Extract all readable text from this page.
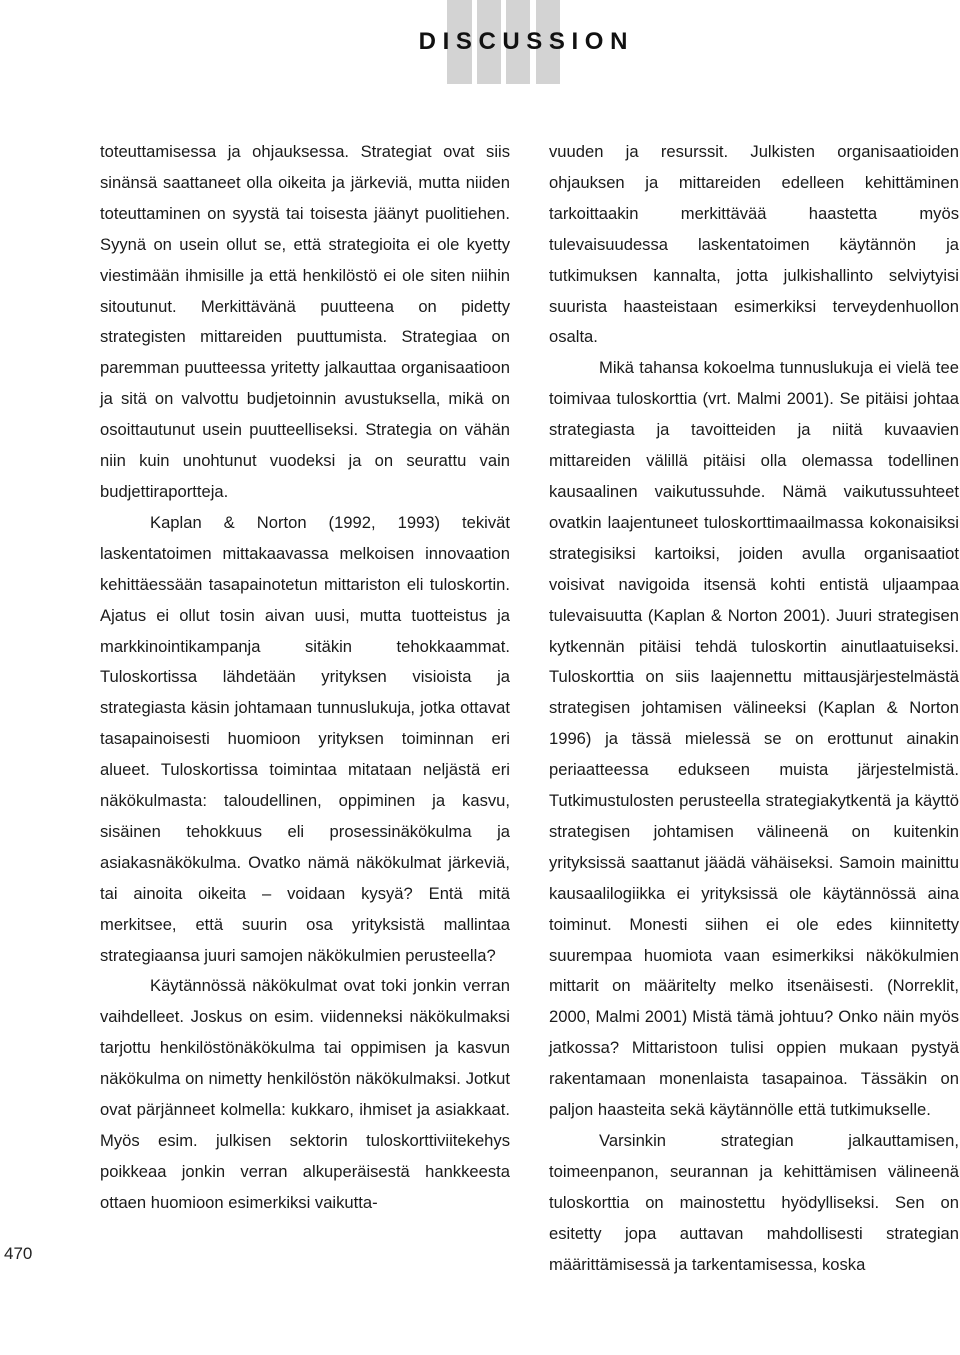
DISCUSSION

toteuttamisessa ja ohjauksessa. Strategiat ovat siis sinänsä saattaneet olla oikeita ja järkeviä, mutta niiden toteuttaminen on syystä tai toisesta jäänyt puolitiehen. Syynä on usein ollut se, että strategioita ei ole kyetty viestimään ihmisille ja että henkilöstö ei ole siten niihin sitoutunut. Merkittävänä puutteena on pidetty strategisten mittareiden puuttumista. Strategiaa on paremman puutteessa yritetty jalkauttaa organisaatioon ja sitä on valvottu budjetoinnin avustuksella, mikä on osoittautunut usein puutteelliseksi. Strategia on vähän niin kuin unohtunut vuodeksi ja on seurattu vain budjettiraportteja.

Kaplan & Norton (1992, 1993) tekivät laskentatoimen mittakaavassa melkoisen innovaation kehittäessään tasapainotetun mittariston eli tuloskortin. Ajatus ei ollut tosin aivan uusi, mutta tuotteistus ja markkinointikampanja sitäkin tehokkaammat. Tuloskortissa lähdetään yrityksen visioista ja strategiasta käsin johtamaan tunnuslukuja, jotka ottavat tasapainoisesti huomioon yrityksen toiminnan eri alueet. Tuloskortissa toimintaa mitataan neljästä eri näkökulmasta: taloudellinen, oppiminen ja kasvu, sisäinen tehokkuus eli prosessinäkökulma ja asiakasnäkökulma. Ovatko nämä näkökulmat järkeviä, tai ainoita oikeita – voidaan kysyä? Entä mitä merkitsee, että suurin osa yrityksistä mallintaa strategiaansa juuri samojen näkökulmien perusteella?

Käytännössä näkökulmat ovat toki jonkin verran vaihdelleet. Joskus on esim. viidenneksi näkökulmaksi tarjottu henkilöstönäkökulma tai oppimisen ja kasvun näkökulma on nimetty henkilöstön näkökulmaksi. Jotkut ovat pärjänneet kolmella: kukkaro, ihmiset ja asiakkaat. Myös esim. julkisen sektorin tuloskorttiviitekehys poikkeaa jonkin verran alkuperäisestä hankkeesta ottaen huomioon esimerkiksi vaikutta-

vuuden ja resurssit. Julkisten organisaatioiden ohjauksen ja mittareiden edelleen kehittäminen tarkoittaakin merkittävää haastetta myös tulevaisuudessa laskentatoimen käytännön ja tutkimuksen kannalta, jotta julkishallinto selviytyisi suurista haasteistaan esimerkiksi terveydenhuollon osalta.

Mikä tahansa kokoelma tunnuslukuja ei vielä tee toimivaa tuloskorttia (vrt. Malmi 2001). Se pitäisi johtaa strategiasta ja tavoitteiden ja niitä kuvaavien mittareiden välillä pitäisi olla olemassa todellinen kausaalinen vaikutussuhde. Nämä vaikutussuhteet ovatkin laajentuneet tuloskorttimaailmassa kokonaisiksi strategisiksi kartoiksi, joiden avulla organisaatiot voisivat navigoida itsensä kohti entistä uljaampaa tulevaisuutta (Kaplan & Norton 2001). Juuri strategisen kytkennän pitäisi tehdä tuloskortin ainutlaatuiseksi. Tuloskorttia on siis laajennettu mittausjärjestelmästä strategisen johtamisen välineeksi (Kaplan & Norton 1996) ja tässä mielessä se on erottunut ainakin periaatteessa edukseen muista järjestelmistä. Tutkimustulosten perusteella strategiakytkentä ja käyttö strategisen johtamisen välineenä on kuitenkin yrityksissä saattanut jäädä vähäiseksi. Samoin mainittu kausaalilogiikka ei yrityksissä ole käytännössä aina toiminut. Monesti siihen ei ole edes kiinnitetty suurempaa huomiota vaan esimerkiksi näkökulmien mittarit on määritelty melko itsenäisesti. (Norreklit, 2000, Malmi 2001) Mistä tämä johtuu? Onko näin myös jatkossa? Mittaristoon tulisi oppien mukaan pystyä rakentamaan monenlaista tasapainoa. Tässäkin on paljon haasteita sekä käytännölle että tutkimukselle.

Varsinkin strategian jalkauttamisen, toimeenpanon, seurannan ja kehittämisen välineenä tuloskorttia on mainostettu hyödylliseksi. Sen on esitetty jopa auttavan mahdollisesti strategian määrittämisessä ja tarkentamisessa, koska

470
